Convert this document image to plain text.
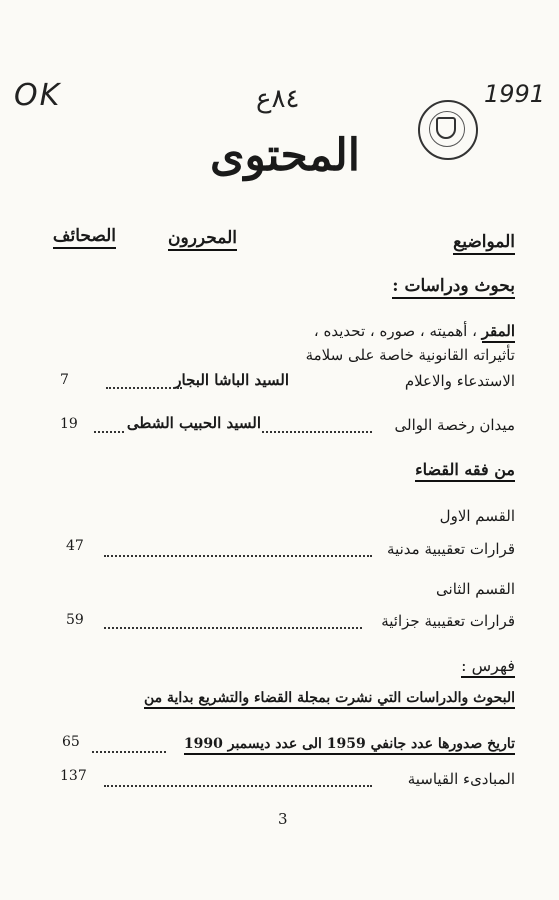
OK	٨٤ع	1991
المحتوى
المواضيع
المحررون
الصحائف
بحوث ودراسات :
المقر ، أهميته ، صوره ، تحديده ،
تأثيراته القانونية خاصة على سلامة
الاستدعاء والاعلام
السيد الباشا البجار
7
ميدان رخصة الوالى
السيد الحبيب الشطى
19
من فقه القضاء
القسم الاول
قرارات تعقيبية مدنية
47
القسم الثانى
قرارات تعقيبية جزائية
59
فهرس :
البحوث والدراسات التي نشرت بمجلة القضاء والتشريع بداية من
تاريخ صدورها عدد جانفي 1959 الى عدد ديسمبر 1990
65
المبادىء القياسية
137
3
